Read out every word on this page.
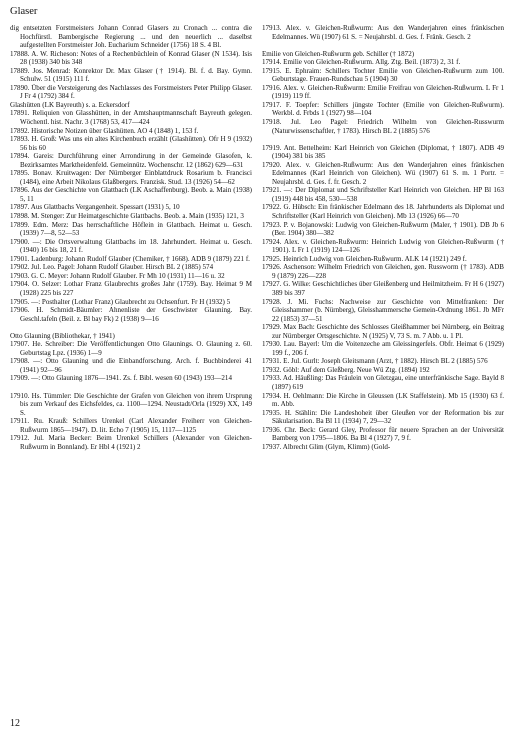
Glaser
dig entsetzten Forstmeisters Johann Conrad Glasers zu Cronach ... contra die Hochfürstl. Bambergische Regierung ... und den neuerlich ... daselbst aufgestellten Forstmeister Joh. Eucharium Schneider (1756) 18 S. 4 Bl.
17888. A. W. Richeson: Notes of a Rechenbüchlein of Konrad Glaser (N 1534). Isis 28 (1938) 340 bis 348
17889. Jos. Menrad: Konrektor Dr. Max Glaser († 1914). Bl. f. d. Bay. Gymn. Schulw. 51 (1915) 111 f.
17890. Über die Versteigerung des Nachlasses des Forstmeisters Peter Philipp Glaser. J Fr 4 (1792) 384 f.
Glashütten (LK Bayreuth) s. a. Eckersdorf
17891. Reliquien von Glasshütten, in der Amtshauptmannschaft Bayreuth gelegen. Wöchentl. hist. Nachr. 3 (1768) 53, 417—424
17892. Historische Notizen über Glashütten. AO 4 (1848) 1, 153 f.
17893. H. Groß: Was uns ein altes Kirchenbuch erzählt (Glashütten). Ofr H 9 (1932) 56 bis 60
17894. Gareis: Durchführung einer Arrondirung in der Gemeinde Glasofen, k. Bezirksamtes Marktheidenfeld. Gemeinnütz. Wochenschr. 12 (1862) 629—631
17895. Bonav. Kruitwagen: Der Nürnberger Einblattdruck Rosarium b. Francisci (1484), eine Arbeit Nikolaus Glaßbergers. Franzisk. Stud. 13 (1926) 54—62
17896. Aus der Geschichte von Glattbach (LK Aschaffenburg). Beob. a. Main (1938) 5, 11
17897. Aus Glattbachs Vergangenheit. Spessart (1931) 5, 10
17898. M. Stenger: Zur Heimatgeschichte Glattbachs. Beob. a. Main (1935) 121, 3
17899. Edm. Merz: Das herrschaftliche Höflein in Glattbach. Heimat u. Gesch. (1939) 7—8, 52—53
17900. —: Die Ortsverwaltung Glattbachs im 18. Jahrhundert. Heimat u. Gesch. (1940) 16 bis 18, 21 f.
17901. Ladenburg: Johann Rudolf Glauber (Chemiker, † 1668). ADB 9 (1879) 221 f.
17902. Jul. Leo. Pagel: Johann Rudolf Glauber. Hirsch BL 2 (1885) 574
17903. G. C. Meyer: Johann Rudolf Glauber. Fr Mh 10 (1931) 11—16 u. 32
17904. O. Selzer: Lothar Franz Glaubrechts großes Jahr (1759). Bay. Heimat 9 M (1928) 225 bis 227
17905. —: Posthalter (Lothar Franz) Glaubrecht zu Ochsenfurt. Fr H (1932) 5
17906. H. Schmidt-Bäumler: Ahnenliste der Geschwister Glauning. Bay. Geschl.tafeln (Beil. z. Bl bay Fk) 2 (1938) 9—16
Otto Glauning (Bibliothekar, † 1941)
17907. He. Schreiber: Die Veröffentlichungen Otto Glaunings. O. Glauning z. 60. Geburtstag Lpz. (1936) 1—9
17908. —: Otto Glauning und die Einbandforschung. Arch. f. Buchbinderei 41 (1941) 92—96
17909. —: Otto Glauning 1876—1941. Zs. f. Bibl. wesen 60 (1943) 193—214
17910. Hs. Tümmler: Die Geschichte der Grafen von Gleichen von ihrem Ursprung bis zum Verkauf des Eichsfeldes, ca. 1100—1294. Neustadt/Orla (1929) XX, 149 S.
17911. Ru. Krauß: Schillers Urenkel (Carl Alexander Freiherr von Gleichen-Rußwurm 1865—1947). D. lit. Echo 7 (1905) 15, 1117—1125
17912. Jul. Maria Becker: Beim Urenkel Schillers (Alexander von Gleichen-Rußwurm in Bonnland). Er Hbl 4 (1921) 2
17913. Alex. v. Gleichen-Rußwurm: Aus den Wanderjahren eines fränkischen Edelmannes. Wü (1907) 61 S. = Neujahrsbl. d. Ges. f. Fränk. Gesch. 2
Emilie von Gleichen-Rußwurm geb. Schiller († 1872)
17914. Emilie von Gleichen-Rußwurm. Allg. Ztg. Beil. (1873) 2, 31 f.
17915. E. Ephraim: Schillers Tochter Emilie von Gleichen-Rußwurm zum 100. Geburtstage. Frauen-Rundschau 5 (1904) 30
17916. Alex. v. Gleichen-Rußwurm: Emilie Freifrau von Gleichen-Rußwurm. L Fr 1 (1919) 119 ff.
17917. F. Toepfer: Schillers jüngste Tochter (Emilie von Gleichen-Rußwurm). Werkbl. d. Frbds 1 (1927) 98—104
17918. Jul. Leo Pagel: Friedrich Wilhelm von Gleichen-Russwurm (Naturwissenschaftler, † 1783). Hirsch BL 2 (1885) 576
17919. Ant. Bettelheim: Karl Heinrich von Gleichen (Diplomat, † 1807). ADB 49 (1904) 381 bis 385
17920. Alex. v. Gleichen-Rußwurm: Aus den Wanderjahren eines fränkischen Edelmannes (Karl Heinrich von Gleichen). Wü (1907) 61 S. m. 1 Portr. = Neujahrsbl. d. Ges. f. fr. Gesch. 2
17921. —: Der Diplomat und Schriftsteller Karl Heinrich von Gleichen. HP Bl 163 (1919) 448 bis 458, 530—538
17922. G. Hübsch: Ein fränkischer Edelmann des 18. Jahrhunderts als Diplomat und Schriftsteller (Karl Heinrich von Gleichen). Mb 13 (1926) 66—70
17923. P. v. Bojanowski: Ludwig von Gleichen-Rußwurm (Maler, † 1901). DB Jb 6 (Ber. 1904) 380—382
17924. Alex. v. Gleichen-Rußwurm: Heinrich Ludwig von Gleichen-Rußwurm († 1901). L Fr 1 (1919) 124—126
17925. Heinrich Ludwig von Gleichen-Rußwurm. ALK 14 (1921) 249 f.
17926. Aschenson: Wilhelm Friedrich von Gleichen, gen. Russworm († 1783). ADB 9 (1879) 226—228
17927. G. Wilke: Geschichtliches über Gleißenberg und Heilmitzheim. Fr H 6 (1927) 389 bis 397
17928. J. Mi. Fuchs: Nachweise zur Geschichte von Mittelfranken: Der Gleisshammer (b. Nürnberg), Gleisshammersche Gemein-Ordnung 1861. Jb MFr 22 (1853) 37—51
17929. Max Bach: Geschichte des Schlosses Gleißhammer bei Nürnberg, ein Beitrag zur Nürnberger Ortsgeschichte. N (1925) V, 73 S. m. 7 Abb. u. 1 Pl.
17930. Lau. Bayerl: Um die Voitenzeche am Gleissingerfels. Obfr. Heimat 6 (1929) 199 f., 206 f.
17931. E. Jul. Gurlt: Joseph Gleitsmann (Arzt, † 1882). Hirsch BL 2 (1885) 576
17932. Göbl: Auf dem Gleßberg. Neue Wü Ztg. (1894) 192
17933. Ad. Häußling: Das Fräulein von Gletzgau, eine unterfränkische Sage. Bayld 8 (1897) 619
17934. H. Oehlmann: Die Kirche in Gleussen (LK Staffelstein). Mb 15 (1930) 63 f. m. Abb.
17935. H. Stählin: Die Landeshoheit über Gleußen vor der Reformation bis zur Säkularisation. Ba Bl 11 (1934) 7, 29—32
17936. Chr. Beck: Gerard Gley, Professor für neuere Sprachen an der Universität Bamberg von 1795—1806. Ba Bl 4 (1927) 7, 9 f.
17937. Albrecht Glim (Glym, Klimm) (Gold-
12
